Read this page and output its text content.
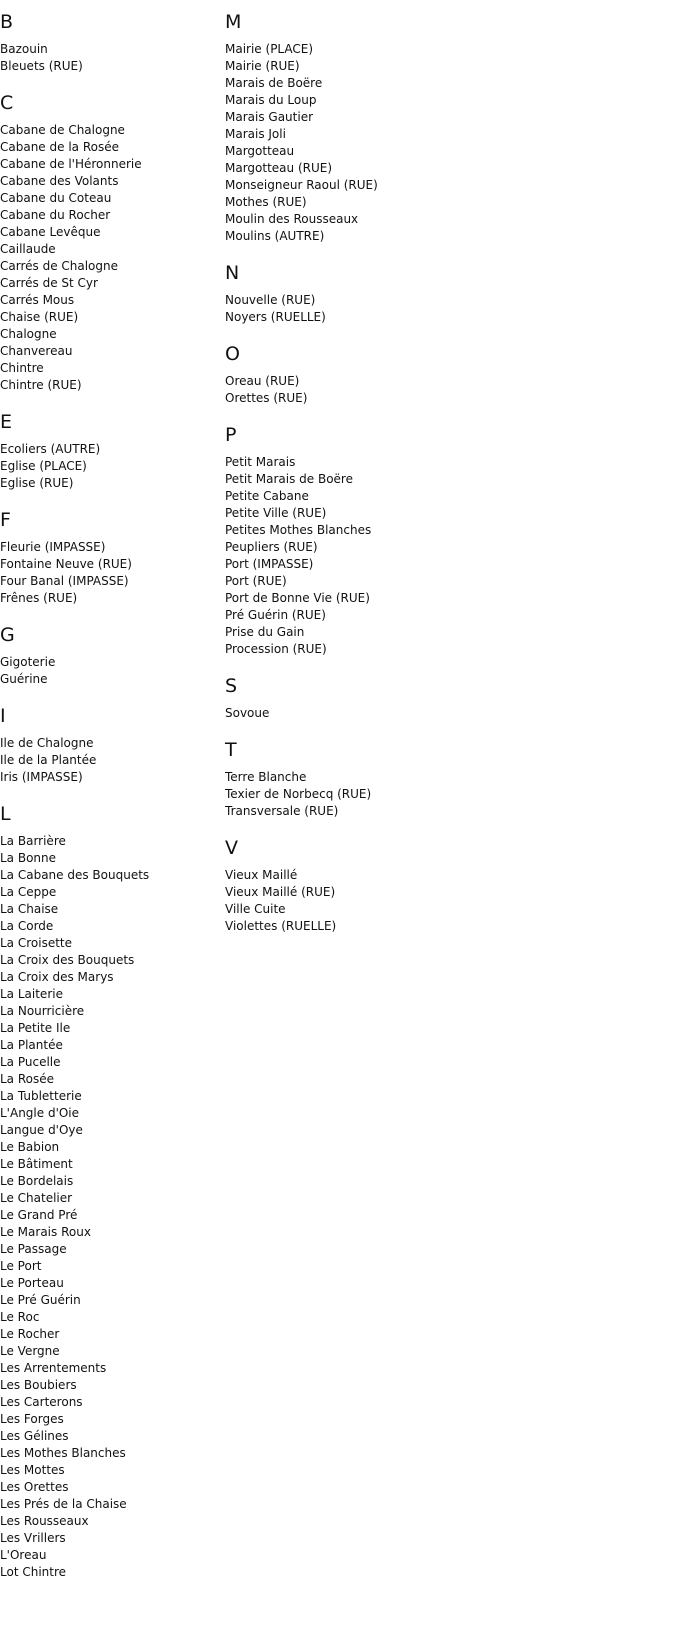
B
Bazouin
Bleuets (RUE)
C
Cabane de Chalogne
Cabane de la Rosée
Cabane de l'Héronnerie
Cabane des Volants
Cabane du Coteau
Cabane du Rocher
Cabane Levêque
Caillaude
Carrés de Chalogne
Carrés de St Cyr
Carrés Mous
Chaise (RUE)
Chalogne
Chanvereau
Chintre
Chintre (RUE)
E
Ecoliers (AUTRE)
Eglise (PLACE)
Eglise (RUE)
F
Fleurie (IMPASSE)
Fontaine Neuve (RUE)
Four Banal (IMPASSE)
Frênes (RUE)
G
Gigoterie
Guérine
I
Ile de Chalogne
Ile de la Plantée
Iris (IMPASSE)
L
La Barrière
La Bonne
La Cabane des Bouquets
La Ceppe
La Chaise
La Corde
La Croisette
La Croix des Bouquets
La Croix des Marys
La Laiterie
La Nourricière
La Petite Ile
La Plantée
La Pucelle
La Rosée
La Tubletterie
L'Angle d'Oie
Langue d'Oye
Le Babion
Le Bâtiment
Le Bordelais
Le Chatelier
Le Grand Pré
Le Marais Roux
Le Passage
Le Port
Le Porteau
Le Pré Guérin
Le Roc
Le Rocher
Le Vergne
Les Arrentements
Les Boubiers
Les Carterons
Les Forges
Les Gélines
Les Mothes Blanches
Les Mottes
Les Orettes
Les Prés de la Chaise
Les Rousseaux
Les Vrillers
L'Oreau
Lot Chintre
M
Mairie (PLACE)
Mairie (RUE)
Marais de Boëre
Marais du Loup
Marais Gautier
Marais Joli
Margotteau
Margotteau (RUE)
Monseigneur Raoul (RUE)
Mothes (RUE)
Moulin des Rousseaux
Moulins (AUTRE)
N
Nouvelle (RUE)
Noyers (RUELLE)
O
Oreau (RUE)
Orettes (RUE)
P
Petit Marais
Petit Marais de Boëre
Petite Cabane
Petite Ville (RUE)
Petites Mothes Blanches
Peupliers (RUE)
Port (IMPASSE)
Port (RUE)
Port de Bonne Vie (RUE)
Pré Guérin (RUE)
Prise du Gain
Procession (RUE)
S
Sovoue
T
Terre Blanche
Texier de Norbecq (RUE)
Transversale (RUE)
V
Vieux Maillé
Vieux Maillé (RUE)
Ville Cuite
Violettes (RUELLE)
